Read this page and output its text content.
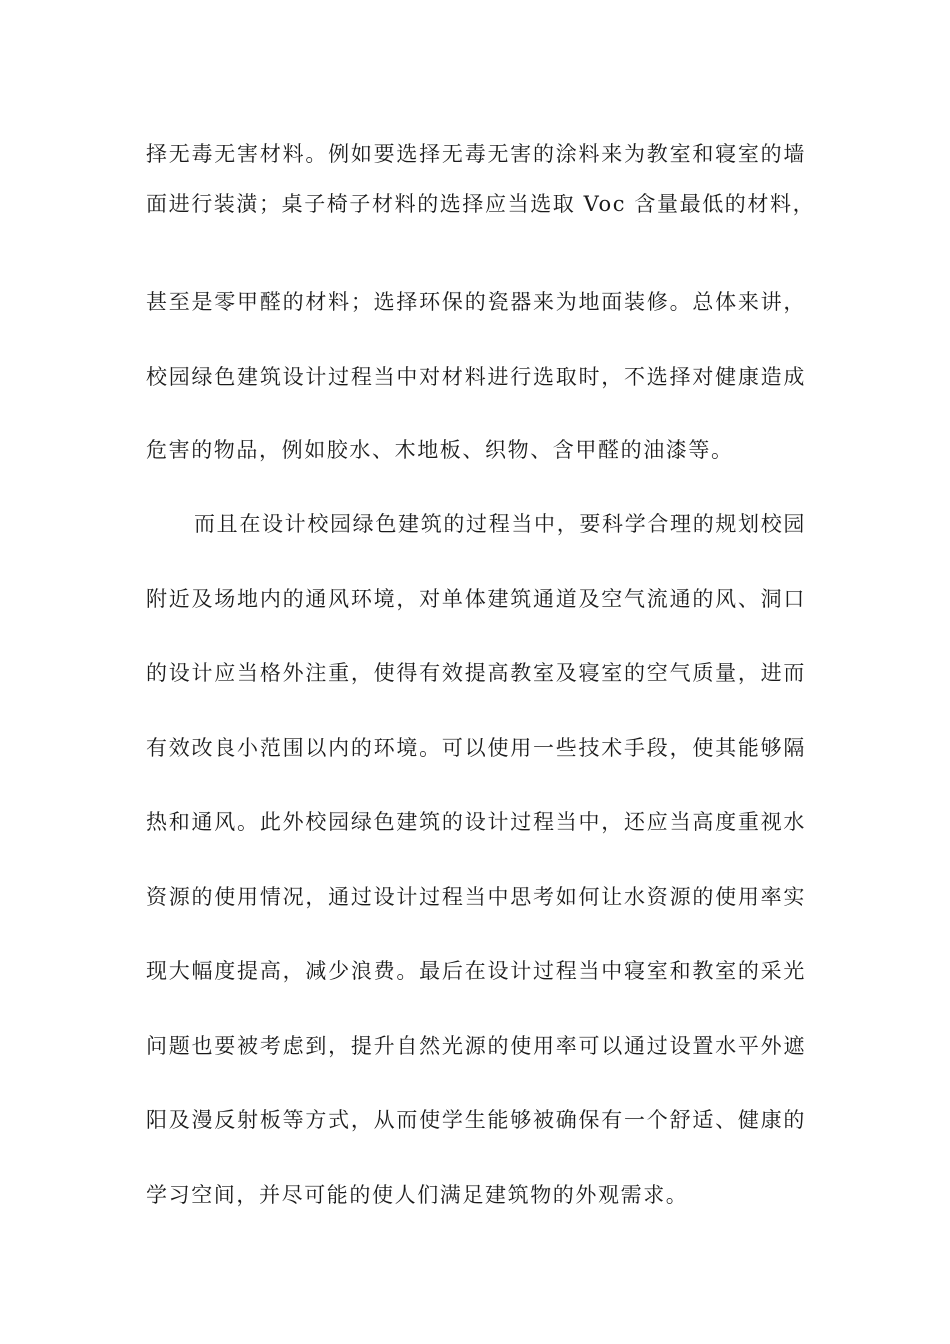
择无毒无害材料。例如要选择无毒无害的涂料来为教室和寝室的墙
面进行装潢；桌子椅子材料的选择应当选取 Voc 含量最低的材料，
甚至是零甲醛的材料；选择环保的瓷器来为地面装修。总体来讲，
校园绿色建筑设计过程当中对材料进行选取时，不选择对健康造成
危害的物品，例如胶水、木地板、织物、含甲醛的油漆等。
而且在设计校园绿色建筑的过程当中，要科学合理的规划校园
附近及场地内的通风环境，对单体建筑通道及空气流通的风、洞口
的设计应当格外注重，使得有效提高教室及寝室的空气质量，进而
有效改良小范围以内的环境。可以使用一些技术手段，使其能够隔
热和通风。此外校园绿色建筑的设计过程当中，还应当高度重视水
资源的使用情况，通过设计过程当中思考如何让水资源的使用率实
现大幅度提高，减少浪费。最后在设计过程当中寝室和教室的采光
问题也要被考虑到，提升自然光源的使用率可以通过设置水平外遮
阳及漫反射板等方式，从而使学生能够被确保有一个舒适、健康的
学习空间，并尽可能的使人们满足建筑物的外观需求。
